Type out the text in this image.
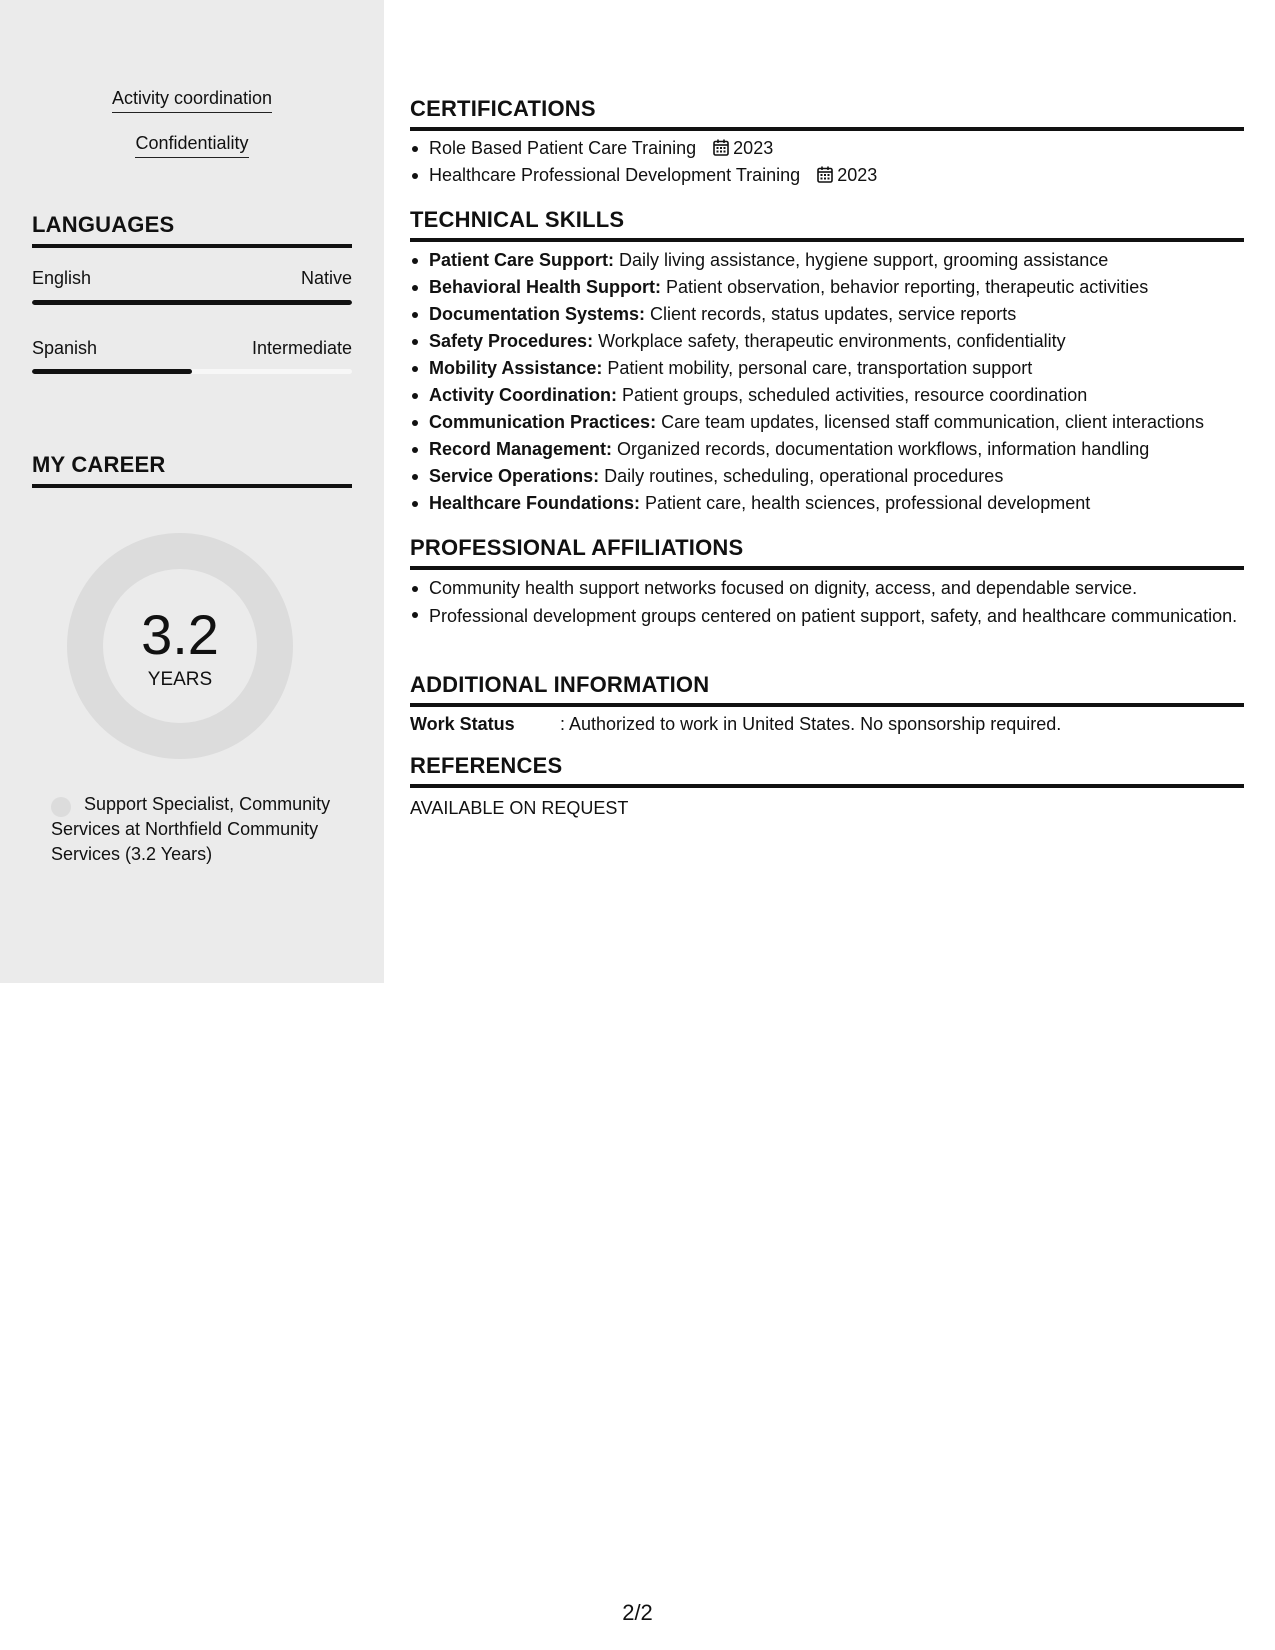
Activity coordination
Confidentiality
LANGUAGES
English	Native
Spanish	Intermediate
MY CAREER
3.2
YEARS
Support Specialist, Community Services at Northfield Community Services (3.2 Years)
CERTIFICATIONS
Role Based Patient Care Training 2023
Healthcare Professional Development Training 2023
TECHNICAL SKILLS
Patient Care Support: Daily living assistance, hygiene support, grooming assistance
Behavioral Health Support: Patient observation, behavior reporting, therapeutic activities
Documentation Systems: Client records, status updates, service reports
Safety Procedures: Workplace safety, therapeutic environments, confidentiality
Mobility Assistance: Patient mobility, personal care, transportation support
Activity Coordination: Patient groups, scheduled activities, resource coordination
Communication Practices: Care team updates, licensed staff communication, client interactions
Record Management: Organized records, documentation workflows, information handling
Service Operations: Daily routines, scheduling, operational procedures
Healthcare Foundations: Patient care, health sciences, professional development
PROFESSIONAL AFFILIATIONS
Community health support networks focused on dignity, access, and dependable service.
Professional development groups centered on patient support, safety, and healthcare communication.
ADDITIONAL INFORMATION
Work Status	: Authorized to work in United States. No sponsorship required.
REFERENCES
AVAILABLE ON REQUEST
2/2
